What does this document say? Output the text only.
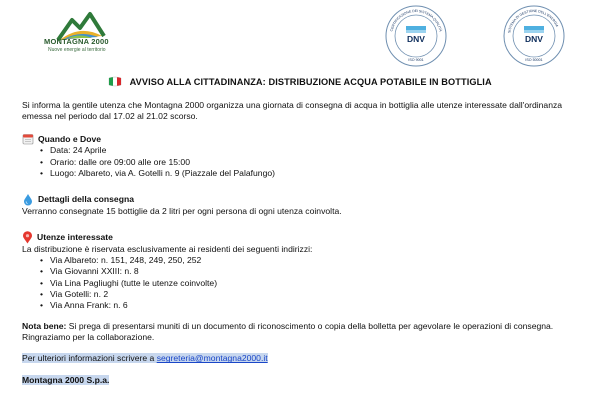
MONTAGNA 2000
Nuove energie al territorio
DNV
ISO 9001
CERTIFICAZIONE DEI SISTEMA QUALITÀ
DNV
ISO 50001
SISTEMA DI GESTIONE DELL'ENERGIA
AVVISO ALLA CITTADINANZA: DISTRIBUZIONE ACQUA POTABILE IN BOTTIGLIA

Si informa la gentile utenza che Montagna 2000 organizza una giornata di consegna di acqua in bottiglia alle utenze interessate dall'ordinanza emessa nel periodo dal 17.02 al 21.02 scorso.

Quando e Dove
• Data: 24 Aprile
• Orario: dalle ore 09:00 alle ore 15:00
• Luogo: Albareto, via A. Gotelli n. 9 (Piazzale del Palafungo)
Dettagli della consegna

Verranno consegnate 15 bottiglie da 2 litri per ogni persona di ogni utenza coinvolta.

Utenze interessate

La distribuzione è riservata esclusivamente ai residenti dei seguenti indirizzi:

• Via Albareto: n. 151, 248, 249, 250, 252
• Via Giovanni XXIII: n. 8
• Via Lina Pagliughi (tutte le utenze coinvolte)
• Via Gotelli: n. 2
• Via Anna Frank: n. 6

Nota bene: Si prega di presentarsi muniti di un documento di riconoscimento o copia della bolletta per agevolare le operazioni di consegna.

Ringraziamo per la collaborazione.

Per ulteriori informazioni scrivere a segreteria@montagna2000.it

Montagna 2000 S.p.a.
